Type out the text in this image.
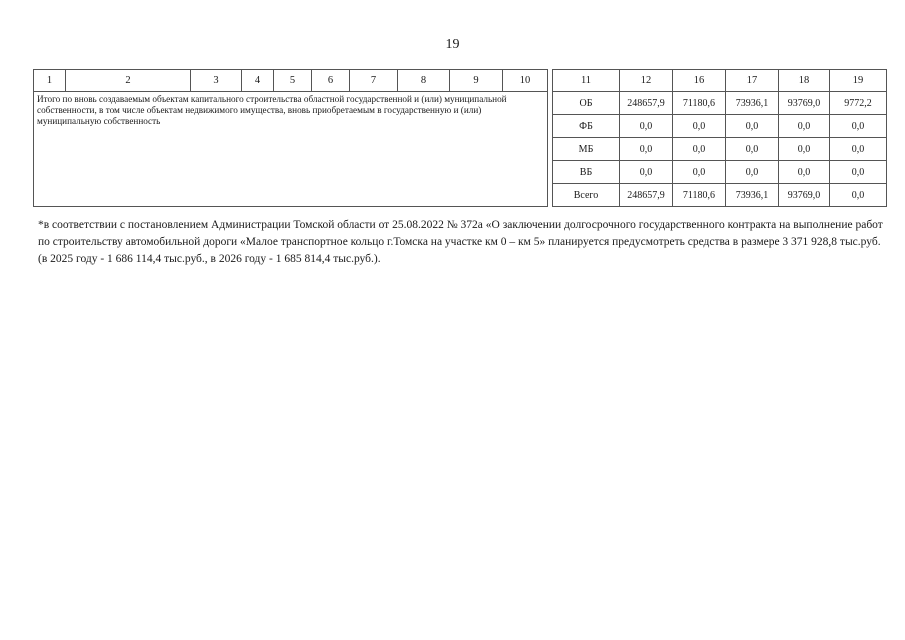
19
1	2	3	4	5	6	7	8	9	10		11	12	16	17	18	19
Итого по вновь создаваемым объектам капитального строительства областной государственной и (или) муниципальной собственности, в том числе объектам недвижимого имущества, вновь приобретаемым в государственную и (или) муниципальную собственность											ОБ	248657,9	71180,6	73936,1	93769,0	9772,2
											ФБ	0,0	0,0	0,0	0,0	0,0
											МБ	0,0	0,0	0,0	0,0	0,0
											ВБ	0,0	0,0	0,0	0,0	0,0
											Всего	248657,9	71180,6	73936,1	93769,0	0,0
*в соответствии с постановлением Администрации Томской области от 25.08.2022 № 372а «О заключении долгосрочного государственного контракта на выполнение работ по строительству автомобильной дороги «Малое транспортное кольцо г.Томска на участке км 0 – км 5» планируется предусмотреть средства в размере 3 371 928,8 тыс.руб. (в 2025 году - 1 686 114,4 тыс.руб., в 2026 году - 1 685 814,4 тыс.руб.).
